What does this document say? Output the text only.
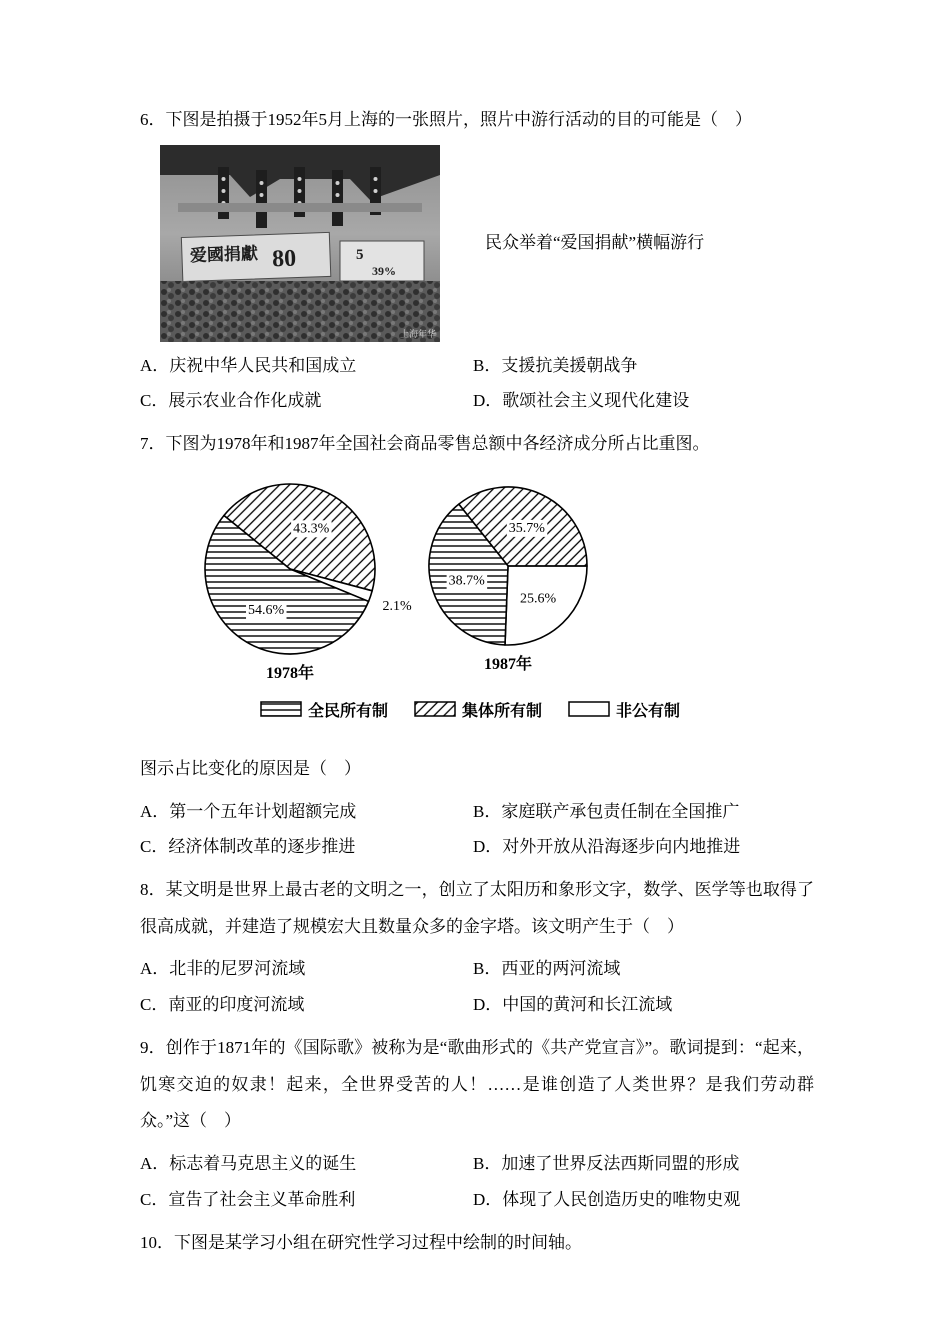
6．下图是拍摄于1952年5月上海的一张照片，照片中游行活动的目的可能是（　）

爱國捐獻 80	5
39%
上海年华

民众举着“爱国捐献”横幅游行

A．庆祝中华人民共和国成立	B．支援抗美援朝战争
C．展示农业合作化成就	D．歌颂社会主义现代化建设

7．下图为1978年和1987年全国社会商品零售总额中各经济成分所占比重图。

43.3%
2.1%
54.6%
1978年
35.7%
25.6%
38.7%
1987年
全民所有制	集体所有制	非公有制

图示占比变化的原因是（　）

A．第一个五年计划超额完成	B．家庭联产承包责任制在全国推广
C．经济体制改革的逐步推进	D．对外开放从沿海逐步向内地推进

8．某文明是世界上最古老的文明之一，创立了太阳历和象形文字，数学、医学等也取得了很高成就，并建造了规模宏大且数量众多的金字塔。该文明产生于（　）

A．北非的尼罗河流域	B．西亚的两河流域
C．南亚的印度河流域	D．中国的黄河和长江流域

9．创作于1871年的《国际歌》被称为是“歌曲形式的《共产党宣言》”。歌词提到：“起来，饥寒交迫的奴隶！起来，全世界受苦的人！……是谁创造了人类世界？是我们劳动群众。”这（　）

A．标志着马克思主义的诞生	B．加速了世界反法西斯同盟的形成
C．宣告了社会主义革命胜利	D．体现了人民创造历史的唯物史观

10．下图是某学习小组在研究性学习过程中绘制的时间轴。
